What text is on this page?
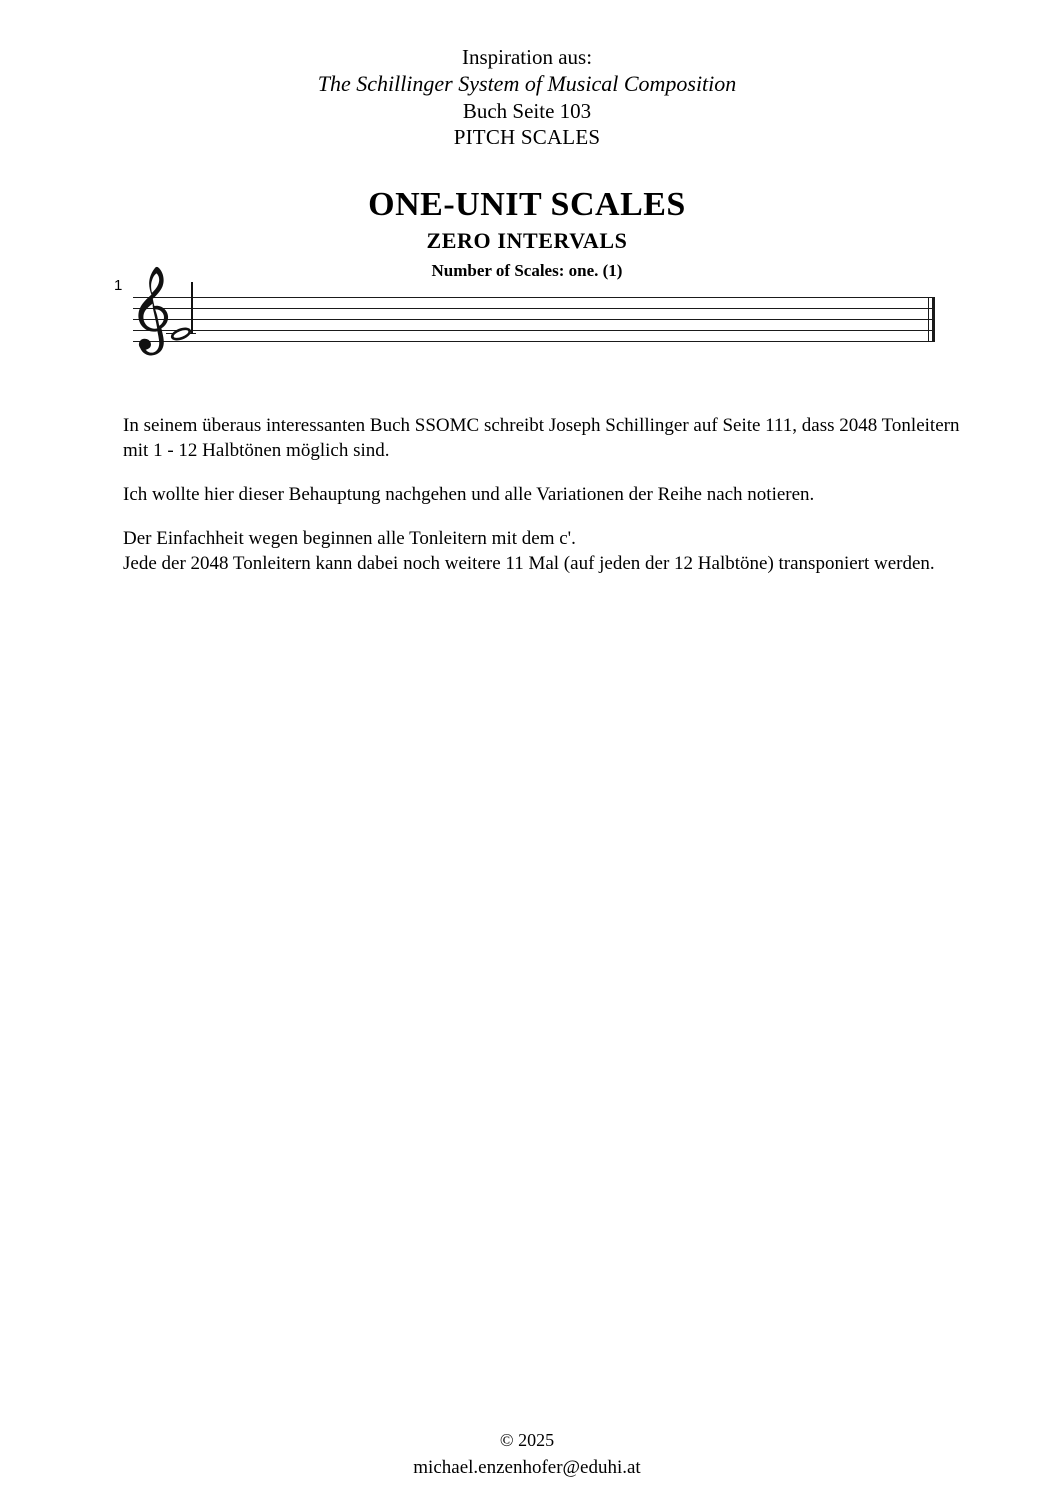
Inspiration aus:
The Schillinger System of Musical Composition
Buch Seite 103
PITCH SCALES
ONE-UNIT SCALES
ZERO INTERVALS
Number of Scales: one. (1)
1

In seinem überaus interessanten Buch SSOMC schreibt Joseph Schillinger auf Seite 111, dass 2048 Tonleitern mit 1 - 12 Halbtönen möglich sind.

Ich wollte hier dieser Behauptung nachgehen und alle Variationen der Reihe nach notieren.

Der Einfachheit wegen beginnen alle Tonleitern mit dem c'.
Jede der 2048 Tonleitern kann dabei noch weitere 11 Mal (auf jeden der 12 Halbtöne) transponiert werden.

© 2025
michael.enzenhofer@eduhi.at
